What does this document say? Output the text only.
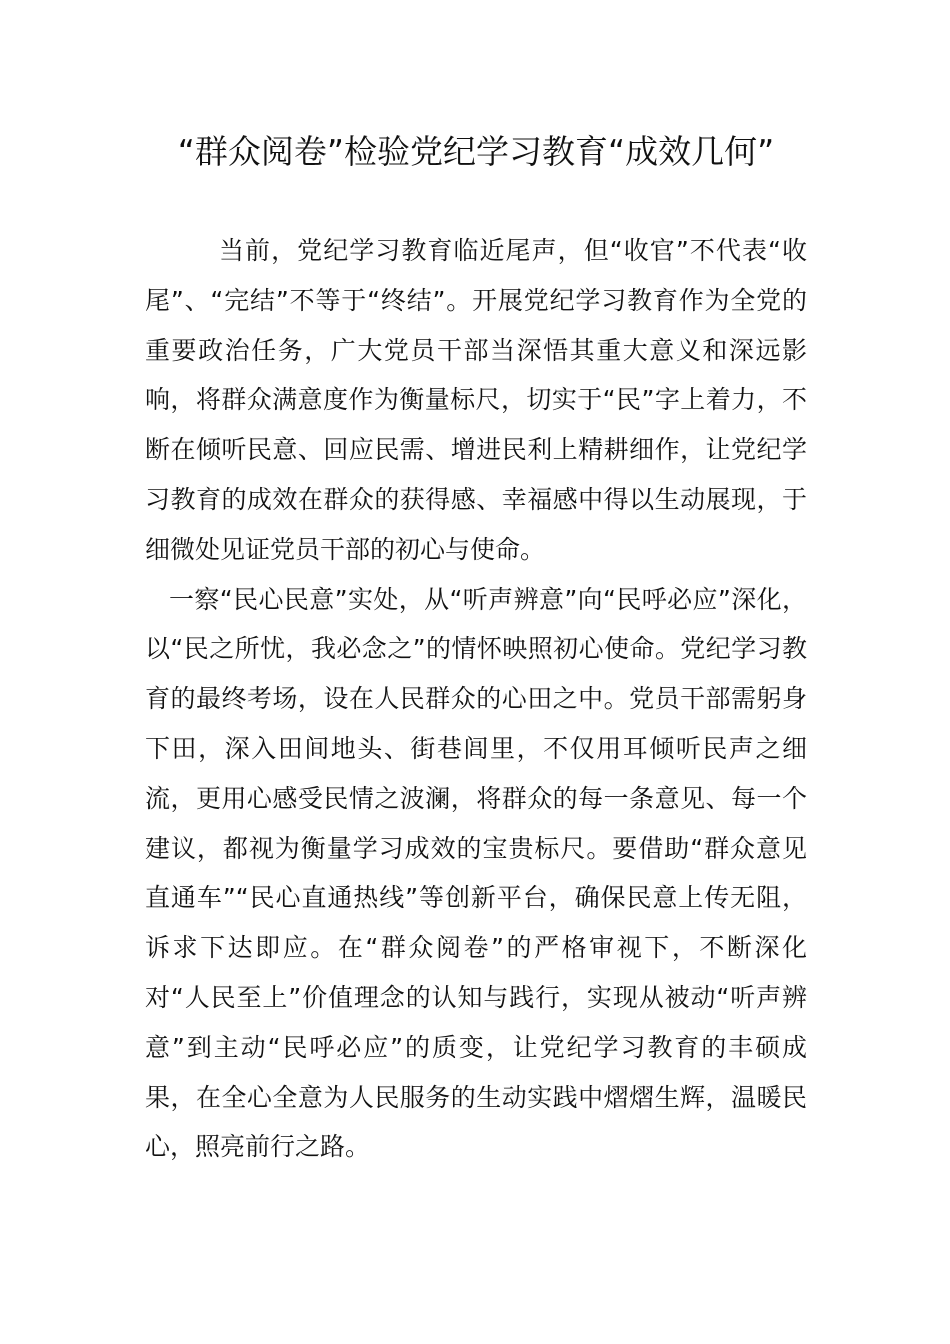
“群众阅卷”检验党纪学习教育“成效几何”

当前，党纪学习教育临近尾声，但“收官”不代表“收尾”、“完结”不等于“终结”。开展党纪学习教育作为全党的重要政治任务，广大党员干部当深悟其重大意义和深远影响，将群众满意度作为衡量标尺，切实于“民”字上着力，不断在倾听民意、回应民需、增进民利上精耕细作，让党纪学习教育的成效在群众的获得感、幸福感中得以生动展现，于细微处见证党员干部的初心与使命。

一察“民心民意”实处，从“听声辨意”向“民呼必应”深化，以“民之所忧，我必念之”的情怀映照初心使命。党纪学习教育的最终考场，设在人民群众的心田之中。党员干部需躬身下田，深入田间地头、街巷闾里，不仅用耳倾听民声之细流，更用心感受民情之波澜，将群众的每一条意见、每一个建议，都视为衡量学习成效的宝贵标尺。要借助“群众意见直通车”“民心直通热线”等创新平台，确保民意上传无阻，诉求下达即应。在“群众阅卷”的严格审视下，不断深化对“人民至上”价值理念的认知与践行，实现从被动“听声辨意”到主动“民呼必应”的质变，让党纪学习教育的丰硕成果，在全心全意为人民服务的生动实践中熠熠生辉，温暖民心，照亮前行之路。
